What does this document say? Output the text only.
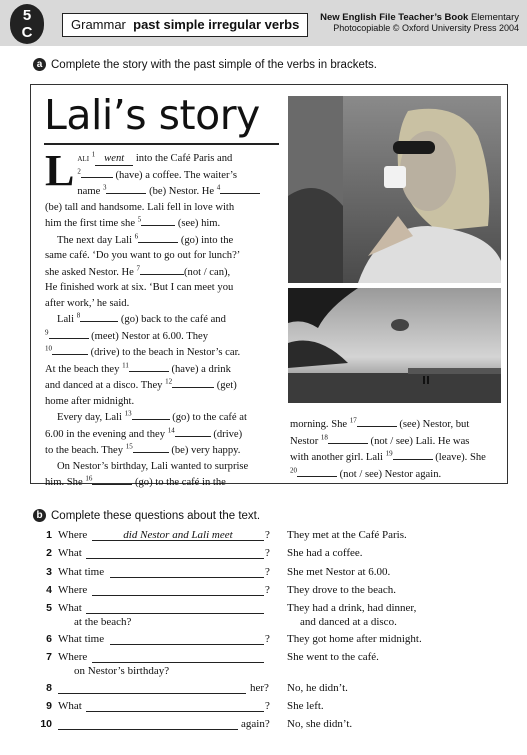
5
C	Grammar past simple irregular verbs	New English File Teacher’s Book Elementary
Photocopiable © Oxford University Press 2004
a Complete the story with the past simple of the verbs in brackets.
Lali’s story
L ali $^1$ went into the Café Paris and

$^2$	(have) a coffee. The waiter’s

name $^3$	(be) Nestor. He $^4$

(be) tall and handsome. Lali fell in love with

him the first time she $^5$	(see) him.

The next day Lali $^6$	(go) into the

same café. ‘Do you want to go out for lunch?’

she asked Nestor. He $^7$	(not / can),

He finished work at six. ‘But I can meet you

after work,’ he said.

Lali $^8$	(go) back to the café and

$^9$	(meet) Nestor at 6.00. They

$^{10}$	(drive) to the beach in Nestor’s car.

At the beach they $^{11}$	(have) a drink

and danced at a disco. They $^{12}$	(get)

home after midnight.

Every day, Lali $^{13}$	(go) to the café at

6.00 in the evening and they $^{14}$	(drive)

to the beach. They $^{15}$	(be) very happy.

On Nestor’s birthday, Lali wanted to surprise

him. She $^{16}$	(go) to the café in the

morning. She $^{17}$	(see) Nestor, but

Nestor $^{18}$	(not / see) Lali. He was

with another girl. Lali $^{19}$	(leave). She

$^{20}$	(not / see) Nestor again.

b Complete these questions about the text.
1 Where	did Nestor and Lali meet	? They met at the Café Paris.
2 What	? She had a coffee.
3 What time	? She met Nestor at 6.00.
4 Where	? They drove to the beach.
5 What
at the beach?
They had a drink, had dinner,
and danced at a disco.
6 What time	? They got home after midnight.
7 Where
on Nestor’s birthday?
She went to the café.
8	her? No, he didn’t.
9 What	? She left.
10	again? No, she didn’t.
